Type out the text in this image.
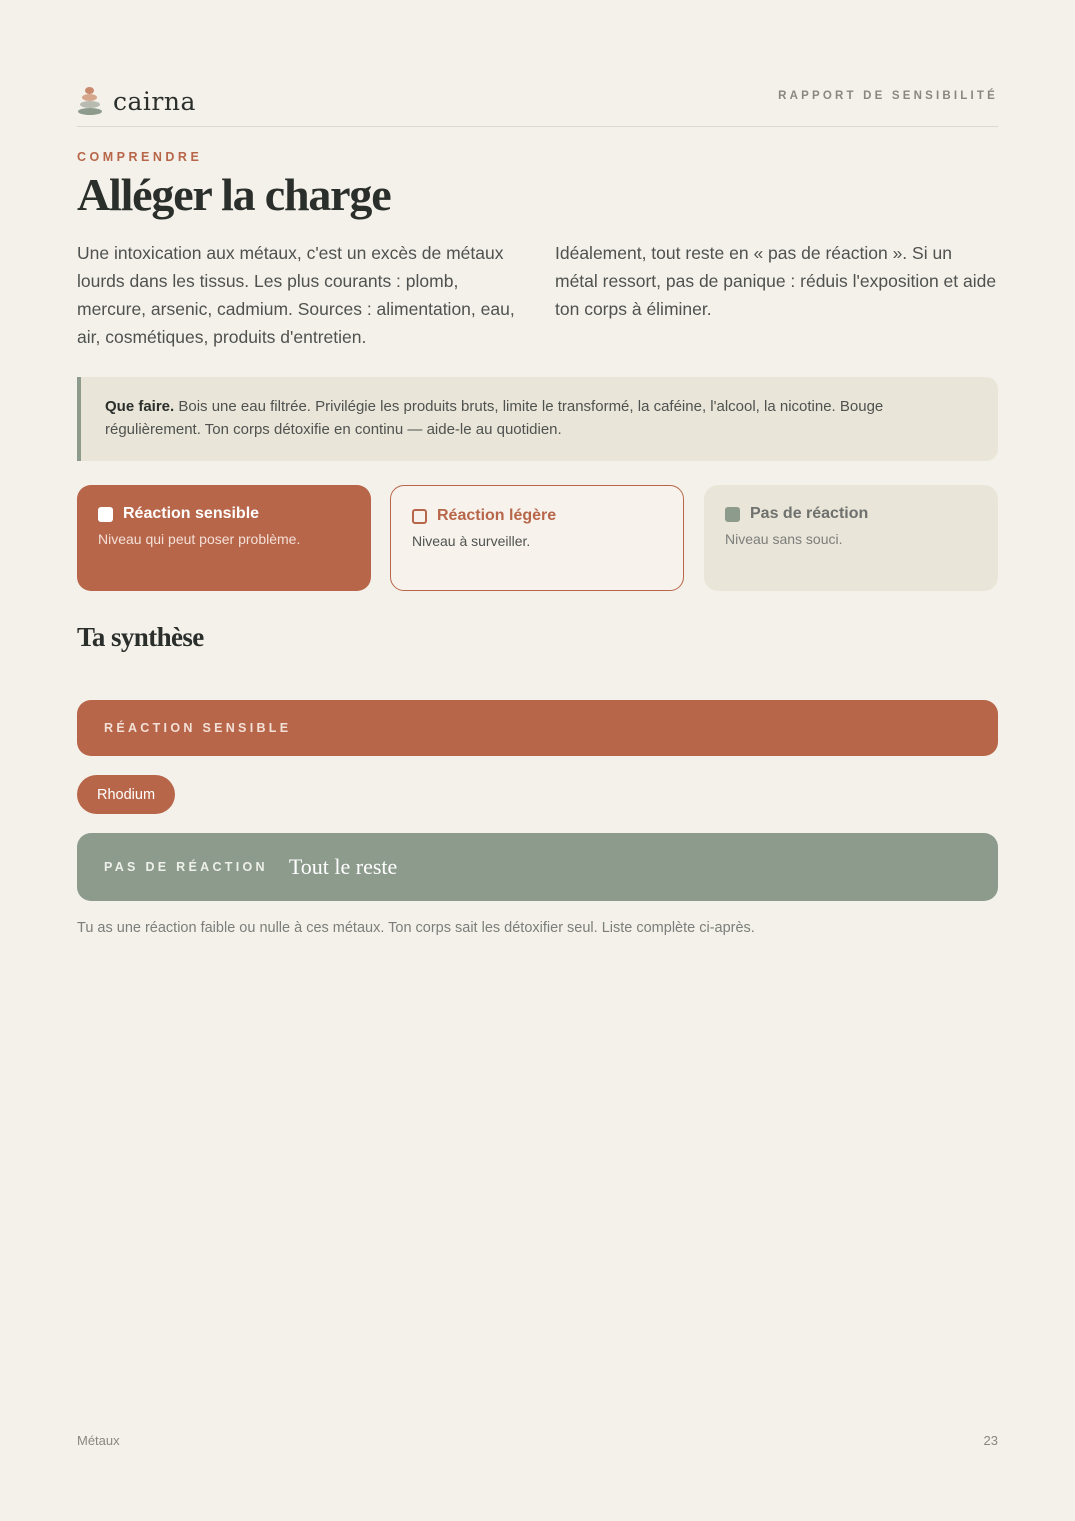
cairna	RAPPORT DE SENSIBILITÉ
COMPRENDRE
Alléger la charge

Une intoxication aux métaux, c'est un excès de métaux lourds dans les tissus. Les plus courants : plomb, mercure, arsenic, cadmium. Sources : alimentation, eau, air, cosmétiques, produits d'entretien.

Idéalement, tout reste en « pas de réaction ». Si un métal ressort, pas de panique : réduis l'exposition et aide ton corps à éliminer.

Que faire. Bois une eau filtrée. Privilégie les produits bruts, limite le transformé, la caféine, l'alcool, la nicotine. Bouge régulièrement. Ton corps détoxifie en continu — aide-le au quotidien.
Réaction sensible
Niveau qui peut poser problème.
Réaction légère
Niveau à surveiller.
Pas de réaction
Niveau sans souci.
Ta synthèse
RÉACTION SENSIBLE
Rhodium
PAS DE RÉACTION Tout le reste

Tu as une réaction faible ou nulle à ces métaux. Ton corps sait les détoxifier seul. Liste complète ci-après.

Métaux	23
